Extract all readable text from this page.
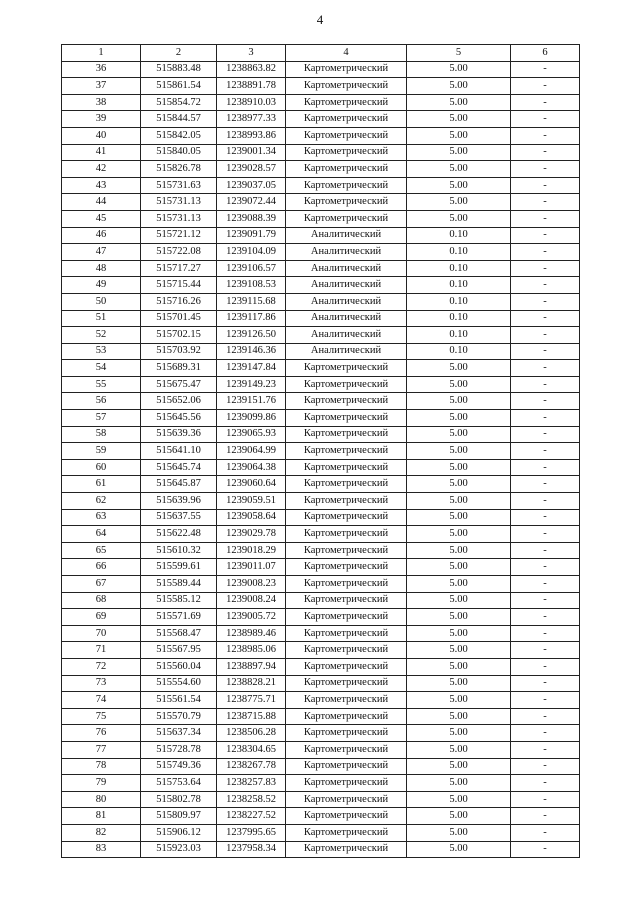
4
1	2	3	4	5	6
36	515883.48	1238863.82	Картометрический	5.00	-
37	515861.54	1238891.78	Картометрический	5.00	-
38	515854.72	1238910.03	Картометрический	5.00	-
39	515844.57	1238977.33	Картометрический	5.00	-
40	515842.05	1238993.86	Картометрический	5.00	-
41	515840.05	1239001.34	Картометрический	5.00	-
42	515826.78	1239028.57	Картометрический	5.00	-
43	515731.63	1239037.05	Картометрический	5.00	-
44	515731.13	1239072.44	Картометрический	5.00	-
45	515731.13	1239088.39	Картометрический	5.00	-
46	515721.12	1239091.79	Аналитический	0.10	-
47	515722.08	1239104.09	Аналитический	0.10	-
48	515717.27	1239106.57	Аналитический	0.10	-
49	515715.44	1239108.53	Аналитический	0.10	-
50	515716.26	1239115.68	Аналитический	0.10	-
51	515701.45	1239117.86	Аналитический	0.10	-
52	515702.15	1239126.50	Аналитический	0.10	-
53	515703.92	1239146.36	Аналитический	0.10	-
54	515689.31	1239147.84	Картометрический	5.00	-
55	515675.47	1239149.23	Картометрический	5.00	-
56	515652.06	1239151.76	Картометрический	5.00	-
57	515645.56	1239099.86	Картометрический	5.00	-
58	515639.36	1239065.93	Картометрический	5.00	-
59	515641.10	1239064.99	Картометрический	5.00	-
60	515645.74	1239064.38	Картометрический	5.00	-
61	515645.87	1239060.64	Картометрический	5.00	-
62	515639.96	1239059.51	Картометрический	5.00	-
63	515637.55	1239058.64	Картометрический	5.00	-
64	515622.48	1239029.78	Картометрический	5.00	-
65	515610.32	1239018.29	Картометрический	5.00	-
66	515599.61	1239011.07	Картометрический	5.00	-
67	515589.44	1239008.23	Картометрический	5.00	-
68	515585.12	1239008.24	Картометрический	5.00	-
69	515571.69	1239005.72	Картометрический	5.00	-
70	515568.47	1238989.46	Картометрический	5.00	-
71	515567.95	1238985.06	Картометрический	5.00	-
72	515560.04	1238897.94	Картометрический	5.00	-
73	515554.60	1238828.21	Картометрический	5.00	-
74	515561.54	1238775.71	Картометрический	5.00	-
75	515570.79	1238715.88	Картометрический	5.00	-
76	515637.34	1238506.28	Картометрический	5.00	-
77	515728.78	1238304.65	Картометрический	5.00	-
78	515749.36	1238267.78	Картометрический	5.00	-
79	515753.64	1238257.83	Картометрический	5.00	-
80	515802.78	1238258.52	Картометрический	5.00	-
81	515809.97	1238227.52	Картометрический	5.00	-
82	515906.12	1237995.65	Картометрический	5.00	-
83	515923.03	1237958.34	Картометрический	5.00	-
